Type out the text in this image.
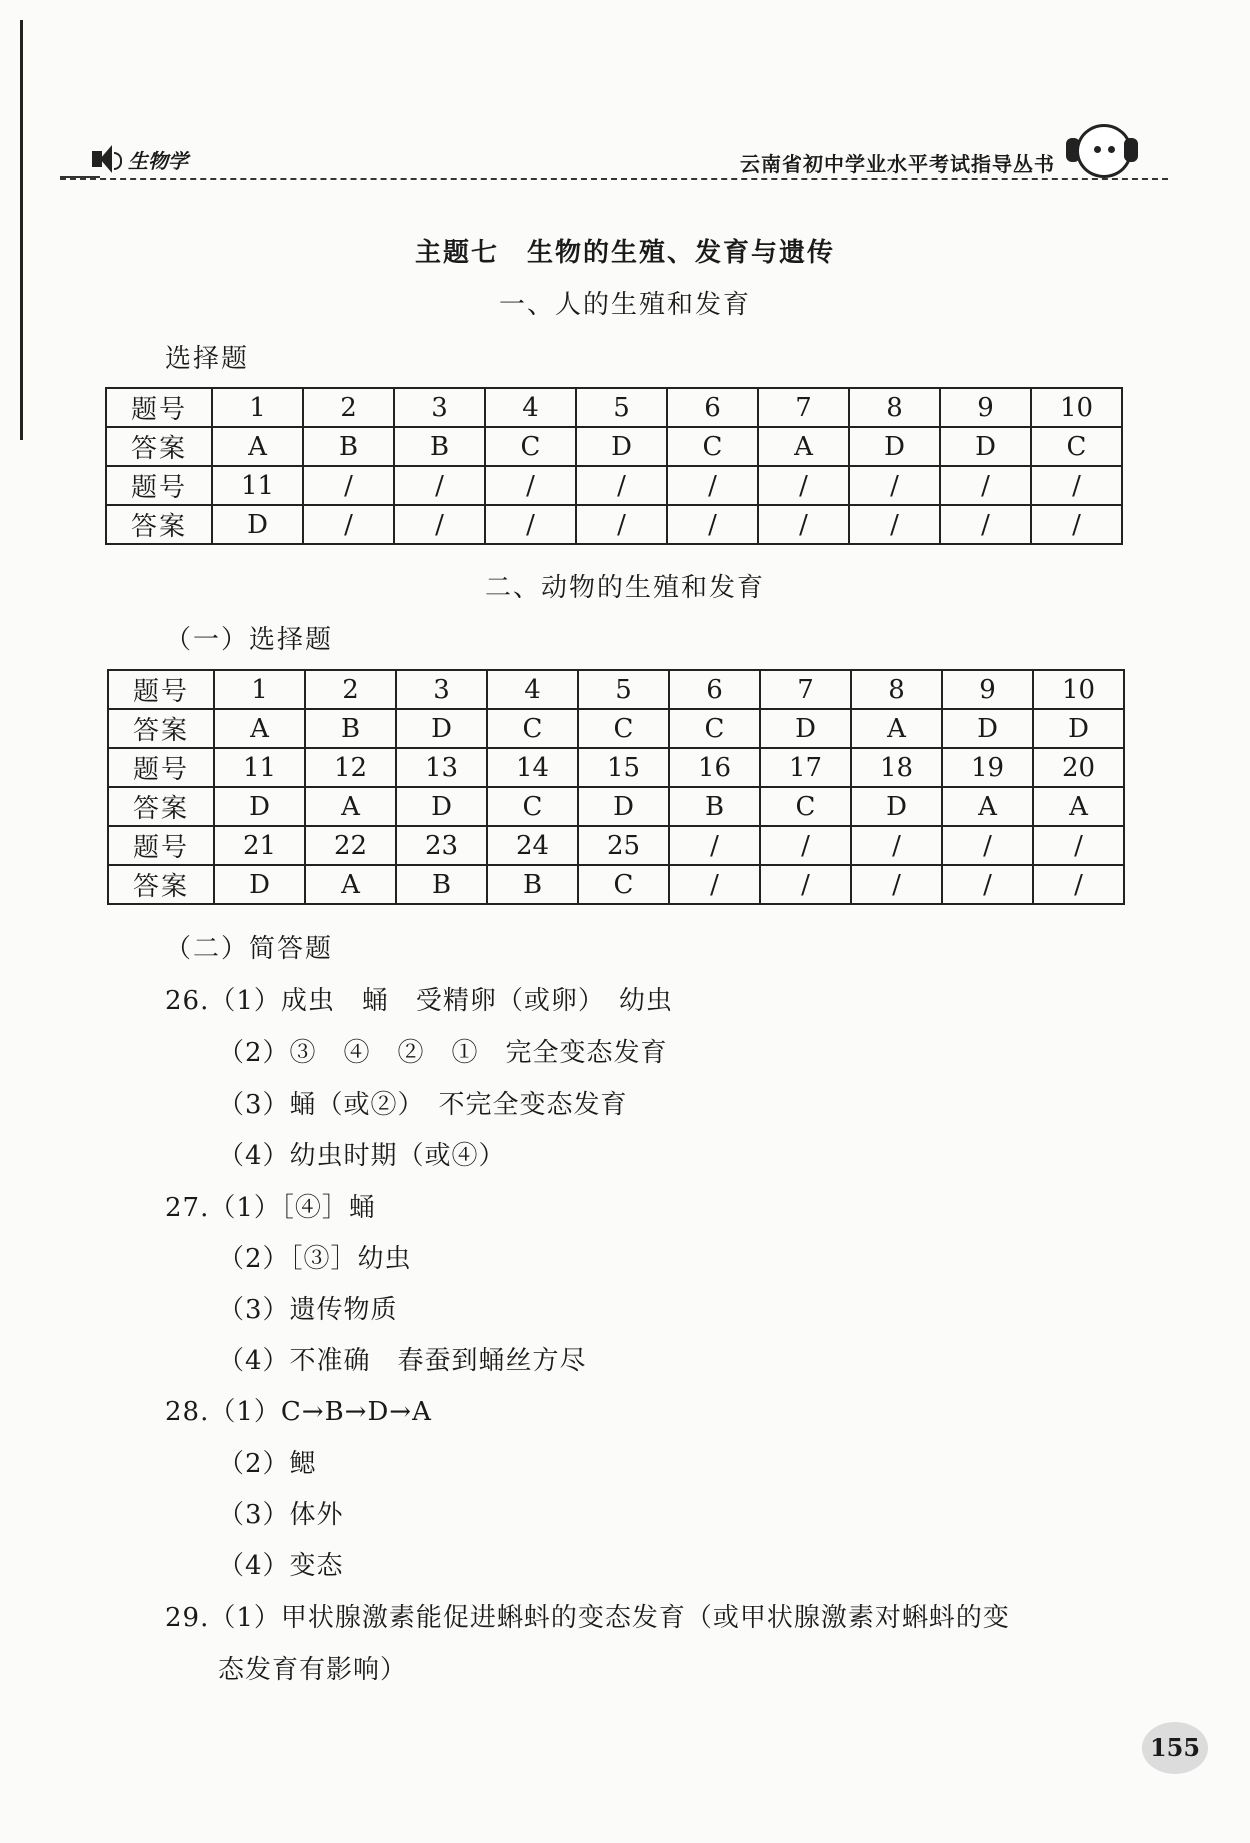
生物学	云南省初中学业水平考试指导丛书
主题七 生物的生殖、发育与遗传
一、人的生殖和发育
选择题
题号	1	2	3	4	5	6	7	8	9	10
答案	A	B	B	C	D	C	A	D	D	C
题号	11	/	/	/	/	/	/	/	/	/
答案	D	/	/	/	/	/	/	/	/	/
二、动物的生殖和发育
（一）选择题
题号	1	2	3	4	5	6	7	8	9	10
答案	A	B	D	C	C	C	D	A	D	D
题号	11	12	13	14	15	16	17	18	19	20
答案	D	A	D	C	D	B	C	D	A	A
题号	21	22	23	24	25	/	/	/	/	/
答案	D	A	B	B	C	/	/	/	/	/
（二）简答题
26.（1）成虫　蛹　受精卵（或卵）　幼虫
（2）③　④　②　①　完全变态发育
（3）蛹（或②）　不完全变态发育
（4）幼虫时期（或④）
27.（1）［④］蛹
（2）［③］幼虫
（3）遗传物质
（4）不准确　春蚕到蛹丝方尽
28.（1）C→B→D→A
（2）鳃
（3）体外
（4）变态
29.（1）甲状腺激素能促进蝌蚪的变态发育（或甲状腺激素对蝌蚪的变
态发育有影响）
155
